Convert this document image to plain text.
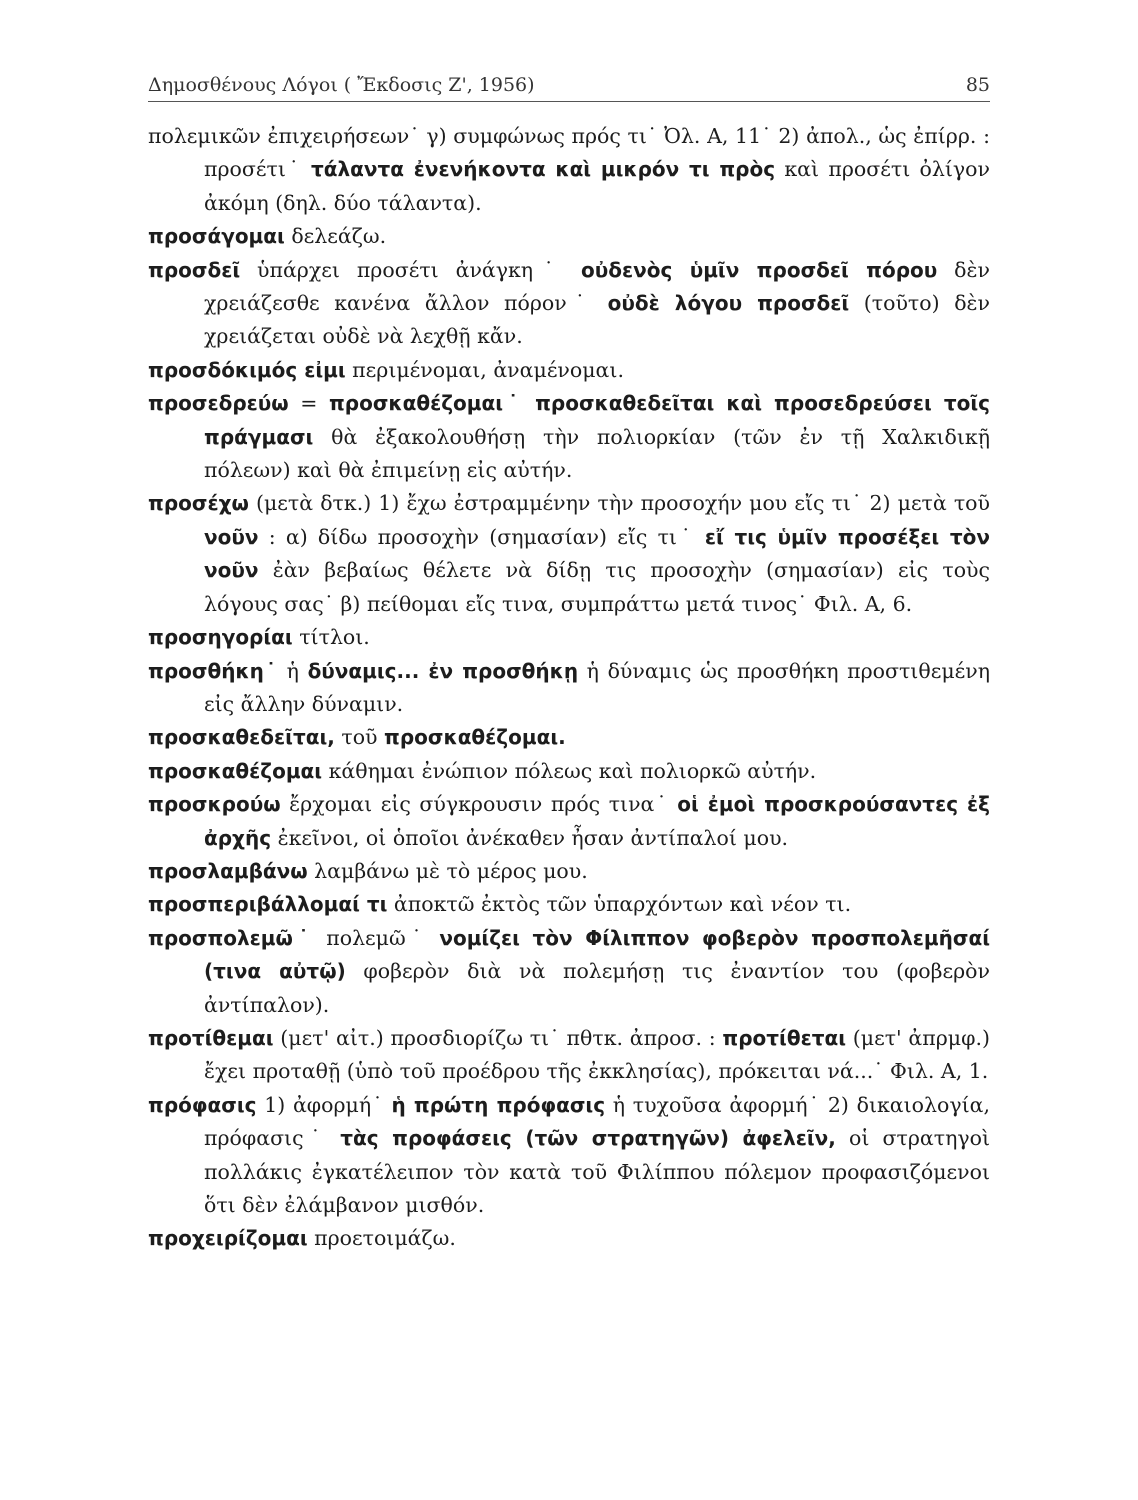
Δημοσθένους Λόγοι ( Ἔκδοσις Ζ', 1956)	85

πολεμικῶν ἐπιχειρήσεων˙ γ) συμφώνως πρός τι˙ Ὀλ. Α, 11˙ 2) ἀπολ., ὡς ἐπίρρ. : προσέτι˙ τάλαντα ἐνενήκοντα καὶ μικρόν τι πρὸς καὶ προσέτι ὀλίγον ἀκόμη (δηλ. δύο τάλαντα).

προσάγομαι δελεάζω.

προσδεῖ ὑπάρχει προσέτι ἀνάγκη˙ οὐδενὸς ὑμῖν προσδεῖ πόρου δὲν χρειάζεσθε κανένα ἄλλον πόρον˙ οὐδὲ λόγου προσδεῖ (τοῦτο) δὲν χρειάζεται οὐδὲ νὰ λεχθῇ κἄν.

προσδόκιμός εἰμι περιμένομαι, ἀναμένομαι.

προσεδρεύω = προσκαθέζομαι˙ προσκαθεδεῖται καὶ προσεδρεύσει τοῖς πράγμασι θὰ ἐξακολουθήσῃ τὴν πολιορκίαν (τῶν ἐν τῇ Χαλκιδικῇ πόλεων) καὶ θὰ ἐπιμείνῃ εἰς αὐτήν.

προσέχω (μετὰ δτκ.) 1) ἔχω ἐστραμμένην τὴν προσοχήν μου εἴς τι˙ 2) μετὰ τοῦ νοῦν : α) δίδω προσοχὴν (σημασίαν) εἴς τι˙ εἴ τις ὑμῖν προσέξει τὸν νοῦν ἐὰν βεβαίως θέλετε νὰ δίδῃ τις προσοχὴν (σημασίαν) εἰς τοὺς λόγους σας˙ β) πείθομαι εἴς τινα, συμπράττω μετά τινος˙ Φιλ. Α, 6.

προσηγορίαι τίτλοι.

προσθήκη˙ ἡ δύναμις... ἐν προσθήκῃ ἡ δύναμις ὡς προσθήκη προστιθεμένη εἰς ἄλλην δύναμιν.

προσκαθεδεῖται, τοῦ προσκαθέζομαι.

προσκαθέζομαι κάθημαι ἐνώπιον πόλεως καὶ πολιορκῶ αὐτήν.

προσκρούω ἔρχομαι εἰς σύγκρουσιν πρός τινα˙ οἱ ἐμοὶ προσκρούσαντες ἐξ ἀρχῆς ἐκεῖνοι, οἱ ὁποῖοι ἀνέκαθεν ἦσαν ἀντίπαλοί μου.

προσλαμβάνω λαμβάνω μὲ τὸ μέρος μου.

προσπεριβάλλομαί τι ἀποκτῶ ἐκτὸς τῶν ὑπαρχόντων καὶ νέον τι.

προσπολεμῶ˙ πολεμῶ˙ νομίζει τὸν Φίλιππον φοβερὸν προσπολεμῆσαί (τινα αὐτῷ) φοβερὸν διὰ νὰ πολεμήσῃ τις ἐναντίον του (φοβερὸν ἀντίπαλον).

προτίθεμαι (μετ' αἰτ.) προσδιορίζω τι˙ πθτκ. ἀπροσ. : προτίθεται (μετ' ἀπρμφ.) ἔχει προταθῇ (ὑπὸ τοῦ προέδρου τῆς ἐκκλησίας), πρόκειται νά...˙ Φιλ. Α, 1.

πρόφασις 1) ἀφορμή˙ ἡ πρώτη πρόφασις ἡ τυχοῦσα ἀφορμή˙ 2) δικαιολογία, πρόφασις˙ τὰς προφάσεις (τῶν στρατηγῶν) ἀφελεῖν, οἱ στρατηγοὶ πολλάκις ἐγκατέλειπον τὸν κατὰ τοῦ Φιλίππου πόλεμον προφασιζόμενοι ὅτι δὲν ἐλάμβανον μισθόν.

προχειρίζομαι προετοιμάζω.
